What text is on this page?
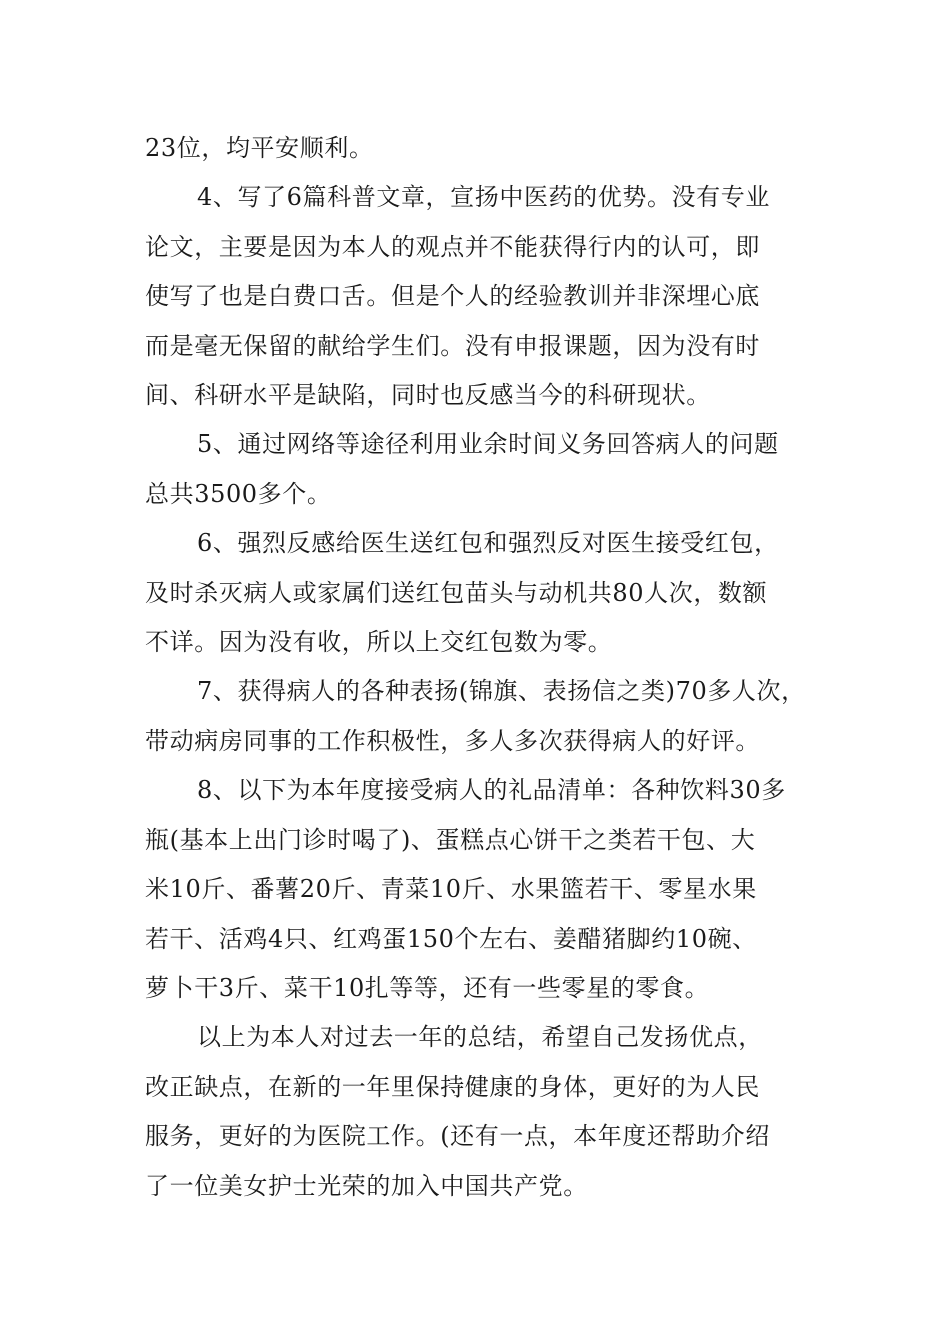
23位，均平安顺利。
4、写了6篇科普文章，宣扬中医药的优势。没有专业
论文，主要是因为本人的观点并不能获得行内的认可，即
使写了也是白费口舌。但是个人的经验教训并非深埋心底
而是毫无保留的献给学生们。没有申报课题，因为没有时
间、科研水平是缺陷，同时也反感当今的科研现状。
5、通过网络等途径利用业余时间义务回答病人的问题
总共3500多个。
6、强烈反感给医生送红包和强烈反对医生接受红包，
及时杀灭病人或家属们送红包苗头与动机共80人次，数额
不详。因为没有收，所以上交红包数为零。
7、获得病人的各种表扬(锦旗、表扬信之类)70多人次，
带动病房同事的工作积极性，多人多次获得病人的好评。
8、以下为本年度接受病人的礼品清单：各种饮料30多
瓶(基本上出门诊时喝了)、蛋糕点心饼干之类若干包、大
米10斤、番薯20斤、青菜10斤、水果篮若干、零星水果
若干、活鸡4只、红鸡蛋150个左右、姜醋猪脚约10碗、
萝卜干3斤、菜干10扎等等，还有一些零星的零食。
以上为本人对过去一年的总结，希望自己发扬优点，
改正缺点，在新的一年里保持健康的身体，更好的为人民
服务，更好的为医院工作。(还有一点，本年度还帮助介绍
了一位美女护士光荣的加入中国共产党。
